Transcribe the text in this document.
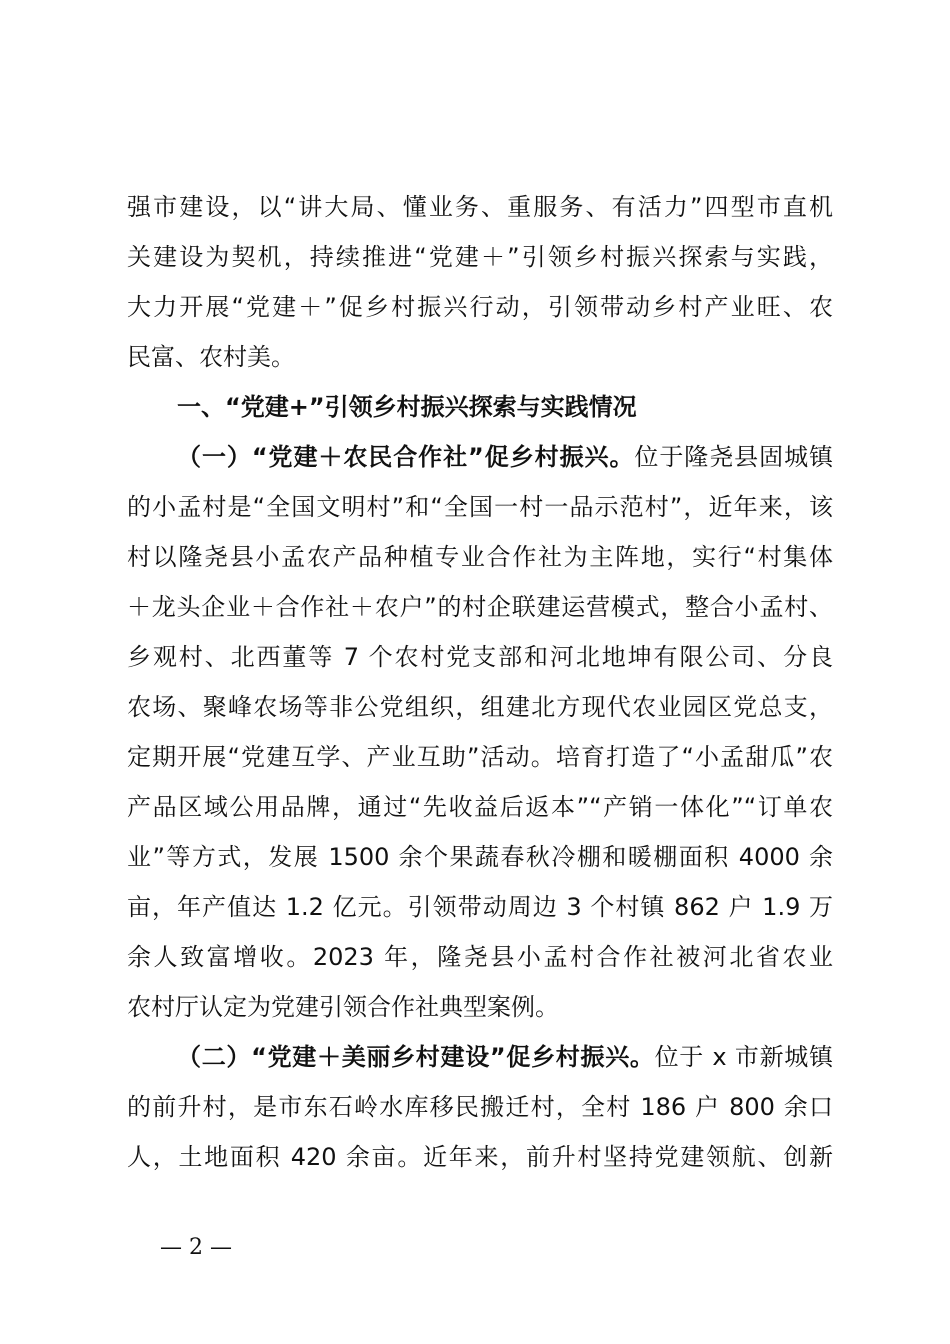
强市建设，以“讲大局、懂业务、重服务、有活力”四型市直机
关建设为契机，持续推进“党建＋”引领乡村振兴探索与实践，
大力开展“党建＋”促乡村振兴行动，引领带动乡村产业旺、农
民富、农村美。
一、“党建+”引领乡村振兴探索与实践情况
（一）“党建＋农民合作社”促乡村振兴。位于隆尧县固城镇
的小孟村是“全国文明村”和“全国一村一品示范村”，近年来，该
村以隆尧县小孟农产品种植专业合作社为主阵地，实行“村集体
＋龙头企业＋合作社＋农户”的村企联建运营模式，整合小孟村、
乡观村、北西董等 7 个农村党支部和河北地坤有限公司、分良
农场、聚峰农场等非公党组织，组建北方现代农业园区党总支，
定期开展“党建互学、产业互助”活动。培育打造了“小孟甜瓜”农
产品区域公用品牌，通过“先收益后返本”“产销一体化”“订单农
业”等方式，发展 1500 余个果蔬春秋冷棚和暖棚面积 4000 余
亩，年产值达 1.2 亿元。引领带动周边 3 个村镇 862 户 1.9 万
余人致富增收。2023 年，隆尧县小孟村合作社被河北省农业
农村厅认定为党建引领合作社典型案例。
（二）“党建＋美丽乡村建设”促乡村振兴。位于 x 市新城镇
的前升村，是市东石岭水库移民搬迁村，全村 186 户 800 余口
人，土地面积 420 余亩。近年来，前升村坚持党建领航、创新
— 2 —
